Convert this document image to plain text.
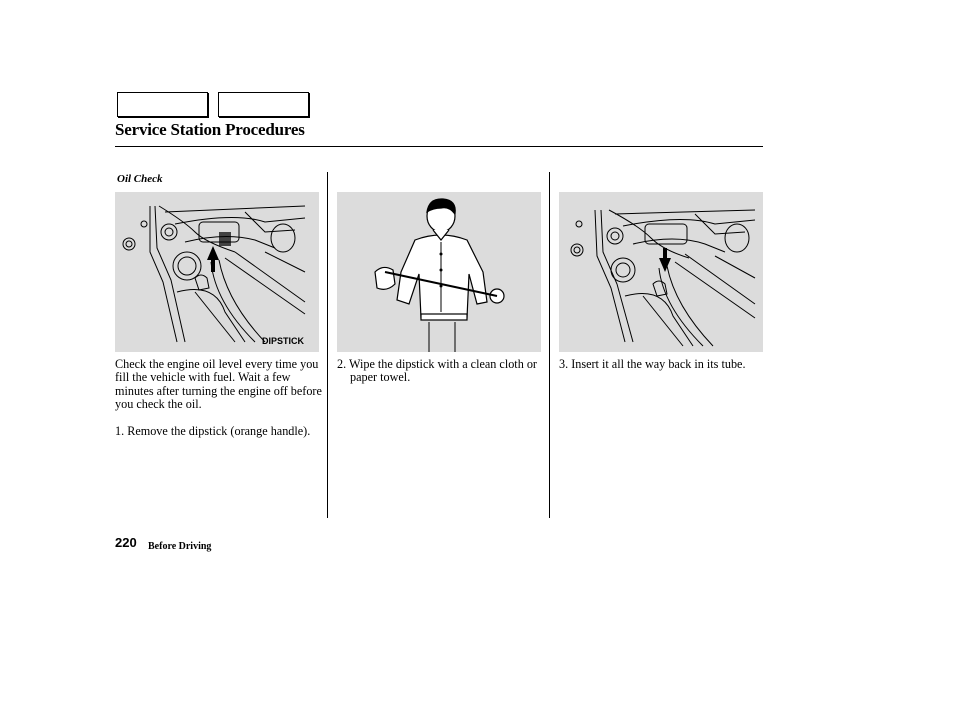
Service Station Procedures
Oil Check
DIPSTICK
Check the engine oil level every time you fill the vehicle with fuel. Wait a few minutes after turning the engine off before you check the oil.

1. Remove the dipstick (orange handle).

2. Wipe the dipstick with a clean cloth or paper towel.

3. Insert it all the way back in its tube.

220 Before Driving
